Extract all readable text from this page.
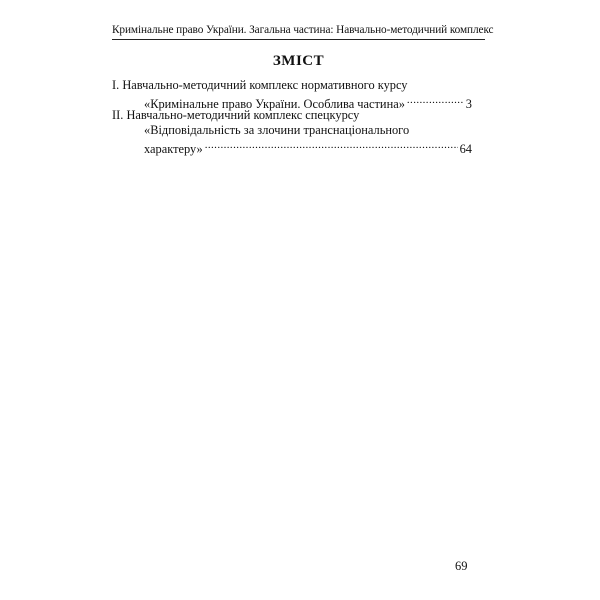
Кримінальне право України. Загальна частина: Навчально-методичний комплекс
ЗМІСТ
I. Навчально-методичний комплекс нормативного курсу
«Кримінальне право України. Особлива частина» .....	3
II. Навчально-методичний комплекс спецкурсу
«Відповідальність за злочини транснаціонального
характеру» .....	64
69
